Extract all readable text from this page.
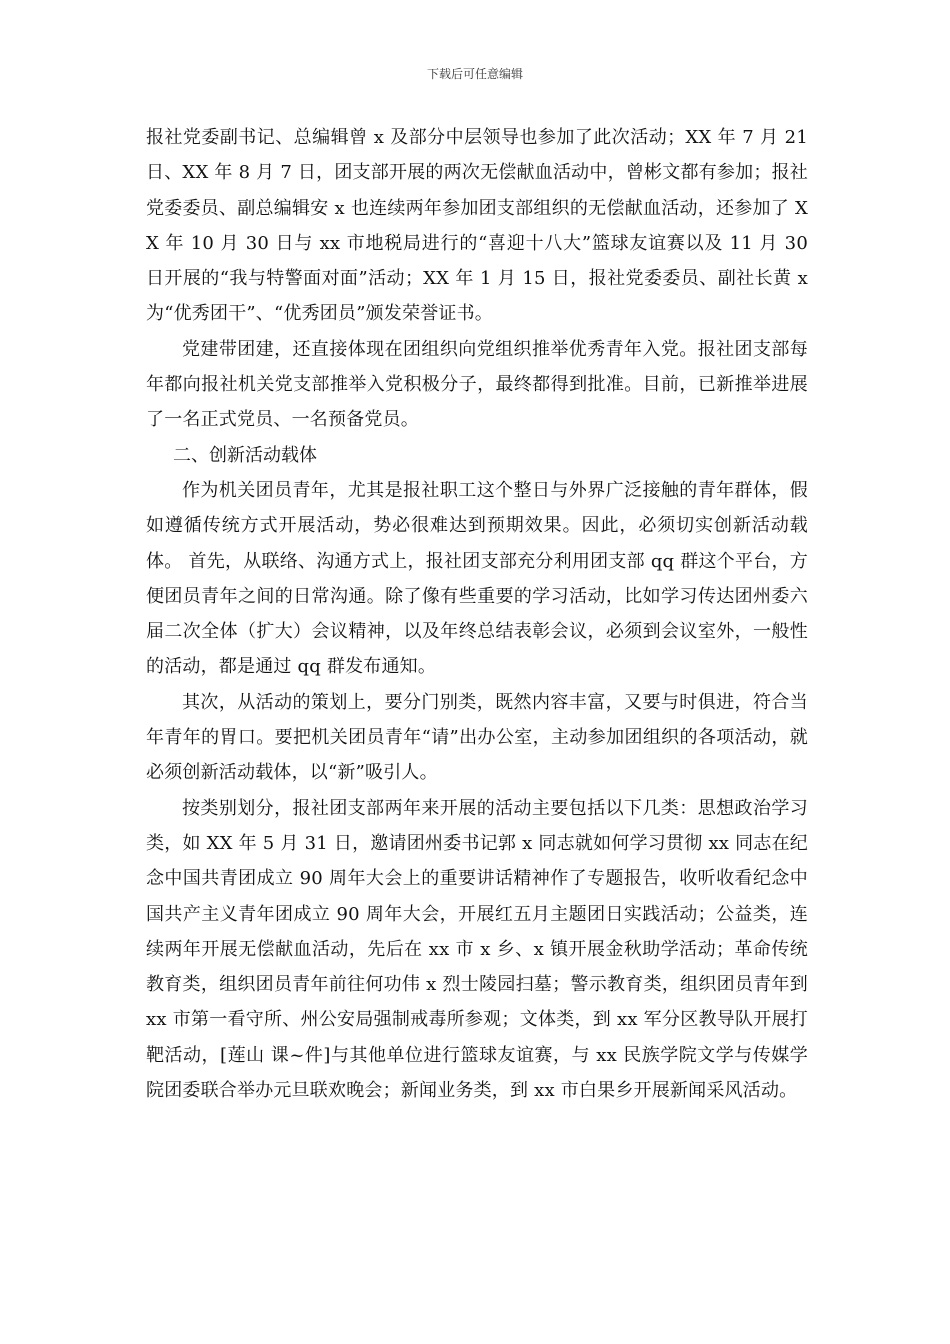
下载后可任意编辑

报社党委副书记、总编辑曾 x 及部分中层领导也参加了此次活动；XX 年 7 月 21 日、XX 年 8 月 7 日，团支部开展的两次无偿献血活动中，曾彬文都有参加；报社党委委员、副总编辑安 x 也连续两年参加团支部组织的无偿献血活动，还参加了 XX 年 10 月 30 日与 xx 市地税局进行的“喜迎十八大”篮球友谊赛以及 11 月 30 日开展的“我与特警面对面”活动；XX 年 1 月 15 日，报社党委委员、副社长黄 x 为“优秀团干”、“优秀团员”颁发荣誉证书。

党建带团建，还直接体现在团组织向党组织推举优秀青年入党。报社团支部每年都向报社机关党支部推举入党积极分子，最终都得到批准。目前，已新推举进展了一名正式党员、一名预备党员。

二、创新活动载体

作为机关团员青年，尤其是报社职工这个整日与外界广泛接触的青年群体，假如遵循传统方式开展活动，势必很难达到预期效果。因此，必须切实创新活动载体。 首先，从联络、沟通方式上，报社团支部充分利用团支部 qq 群这个平台，方便团员青年之间的日常沟通。除了像有些重要的学习活动，比如学习传达团州委六届二次全体（扩大）会议精神，以及年终总结表彰会议，必须到会议室外，一般性的活动，都是通过 qq 群发布通知。

其次，从活动的策划上，要分门别类，既然内容丰富，又要与时俱进，符合当年青年的胃口。要把机关团员青年“请”出办公室，主动参加团组织的各项活动，就必须创新活动载体，以“新”吸引人。

按类别划分，报社团支部两年来开展的活动主要包括以下几类：思想政治学习类，如 XX 年 5 月 31 日，邀请团州委书记郭 x 同志就如何学习贯彻 xx 同志在纪念中国共青团成立 90 周年大会上的重要讲话精神作了专题报告，收听收看纪念中国共产主义青年团成立 90 周年大会，开展红五月主题团日实践活动；公益类，连续两年开展无偿献血活动，先后在 xx 市 x 乡、x 镇开展金秋助学活动；革命传统教育类，组织团员青年前往何功伟 x 烈士陵园扫墓；警示教育类，组织团员青年到 xx 市第一看守所、州公安局强制戒毒所参观；文体类，到 xx 军分区教导队开展打靶活动，[莲山 课~件]与其他单位进行篮球友谊赛，与 xx 民族学院文学与传媒学院团委联合举办元旦联欢晚会；新闻业务类，到 xx 市白果乡开展新闻采风活动。
